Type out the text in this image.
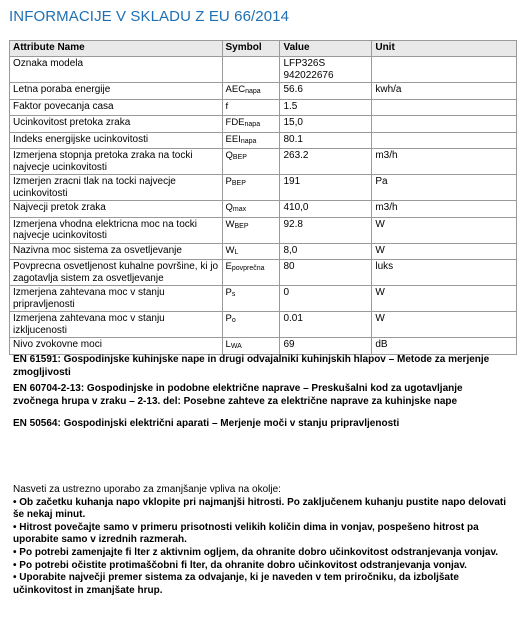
INFORMACIJE V SKLADU Z EU 66/2014
Attribute Name	Symbol	Value	Unit
Oznaka modela		LFP326S 942022676	
Letna poraba energije	$AEC_{napa}$	56.6	kwh/a
Faktor povecanja casa	f	1.5	
Ucinkovitost pretoka zraka	$FDE_{napa}$	15,0	
Indeks energijske ucinkovitosti	$EEI_{napa}$	80.1	
Izmerjena stopnja pretoka zraka na tocki najvecje ucinkovitosti	$Q_{BEP}$	263.2	m3/h
Izmerjen zracni tlak na tocki najvecje ucinkovitosti	$P_{BEP}$	191	Pa
Najvecji pretok zraka	$Q_{max}$	410,0	m3/h
Izmerjena vhodna elektricna moc na tocki najvecje ucinkovitosti	$W_{BEP}$	92.8	W
Nazivna moc sistema za osvetljevanje	$W_L$	8,0	W
Povprecna osvetljenost kuhalne površine, ki jo zagotavlja sistem za osvetljevanje	$E_{povprečna}$	80	luks
Izmerjena zahtevana moc v stanju pripravljenosti	$P_s$	0	W
Izmerjena zahtevana moc v stanju izklјucenosti	$P_o$	0.01	W
Nivo zvokovne moci	$L_{WA}$	69	dB
EN 61591: Gospodinjske kuhinjske nape in drugi odvajalniki kuhinjskih hlapov – Metode za merjenje zmogljivosti
EN 60704-2-13: Gospodinjske in podobne električne naprave – Preskušalni kod za ugotavljanje zvočnega hrupa v zraku – 2-13. del: Posebne zahteve za električne naprave za kuhinjske nape
EN 50564: Gospodinjski električni aparati – Merjenje moči v stanju pripravljenosti
Nasveti za ustrezno uporabo za zmanjšanje vpliva na okolje:
• Ob začetku kuhanja napo vklopite pri najmanjši hitrosti. Po zaključenem kuhanju pustite napo delovati še nekaj minut.
• Hitrost povečajte samo v primeru prisotnosti velikih količin dima in vonjav, pospešeno hitrost pa uporabite samo v izrednih razmerah.
• Po potrebi zamenjajte fi lter z aktivnim ogljem, da ohranite dobro učinkovitost odstranjevanja vonjav.
• Po potrebi očistite protimaščobni fi lter, da ohranite dobro učinkovitost odstranjevanja vonjav.
• Uporabite največji premer sistema za odvajanje, ki je naveden v tem priročniku, da izboljšate učinkovitost in zmanjšate hrup.
